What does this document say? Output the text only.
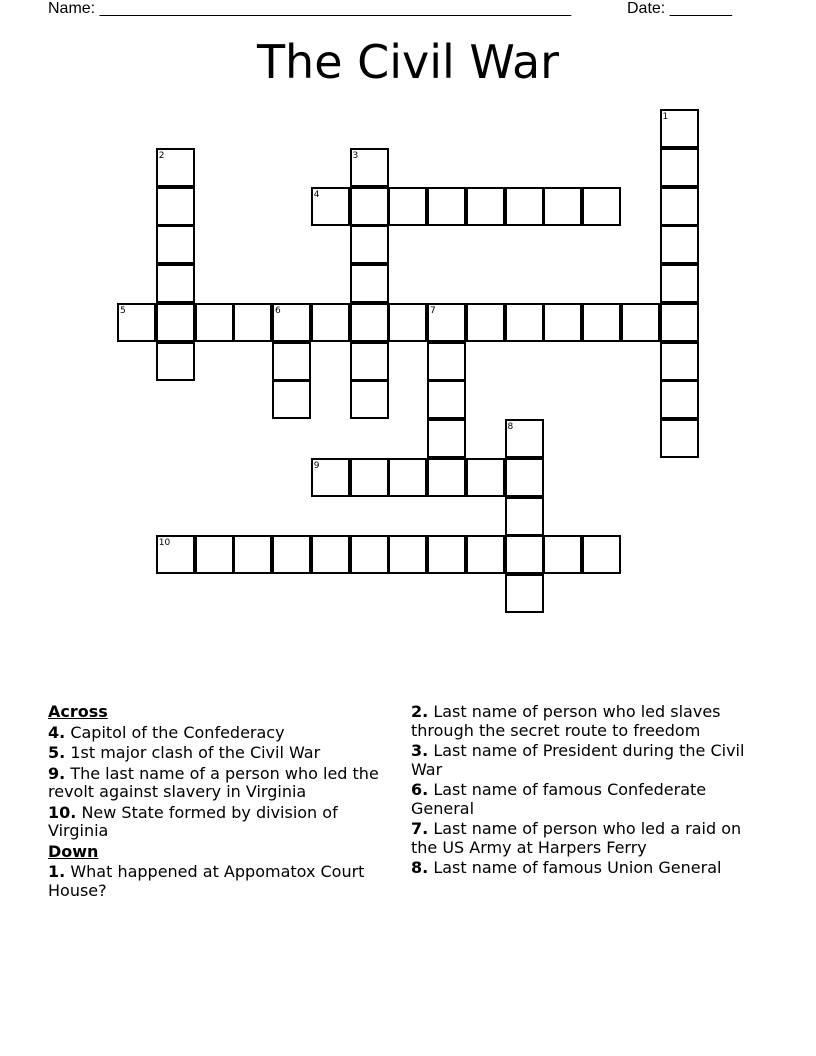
Name: _____________________________________________________	Date: _______
The Civil War
1
2	3
4
5	6	7
8
9
10
Across
4. Capitol of the Confederacy
5. 1st major clash of the Civil War
9. The last name of a person who led the revolt against slavery in Virginia
10. New State formed by division of Virginia
Down
1. What happened at Appomatox Court House?
2. Last name of person who led slaves through the secret route to freedom
3. Last name of President during the Civil War
6. Last name of famous Confederate General
7. Last name of person who led a raid on the US Army at Harpers Ferry
8. Last name of famous Union General
